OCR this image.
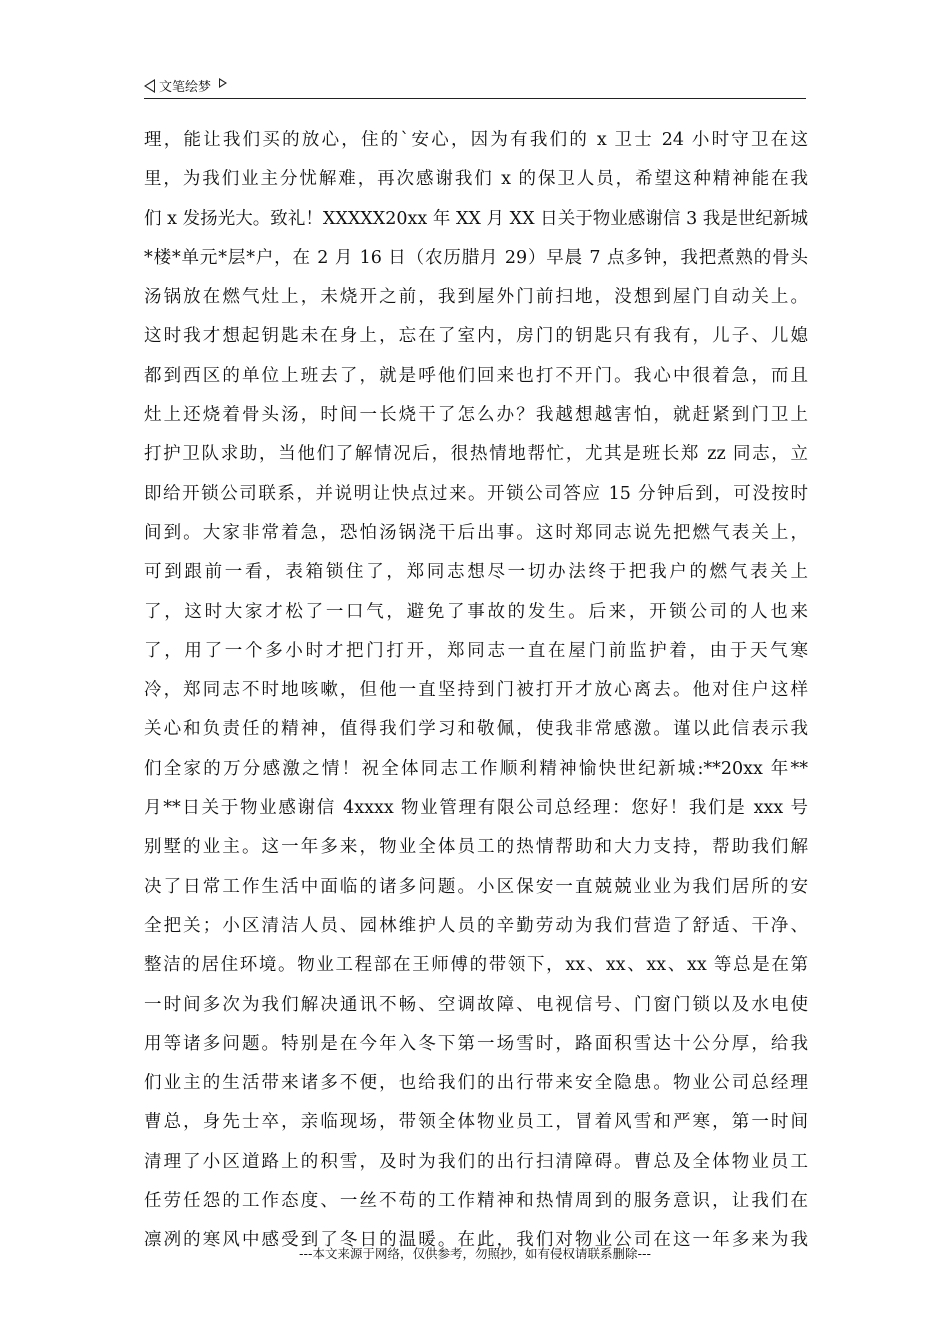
文笔绘梦
理，能让我们买的放心，住的`安心，因为有我们的 x 卫士 24 小时守卫在这
里，为我们业主分忧解难，再次感谢我们 x 的保卫人员，希望这种精神能在我
们 x 发扬光大。致礼！XXXXX20xx 年 XX 月 XX 日关于物业感谢信 3 我是世纪新城
*楼*单元*层*户，在 2 月 16 日（农历腊月 29）早晨 7 点多钟，我把煮熟的骨头
汤锅放在燃气灶上，未烧开之前，我到屋外门前扫地，没想到屋门自动关上。
这时我才想起钥匙未在身上，忘在了室内，房门的钥匙只有我有，儿子、儿媳
都到西区的单位上班去了，就是呼他们回来也打不开门。我心中很着急，而且
灶上还烧着骨头汤，时间一长烧干了怎么办？我越想越害怕，就赶紧到门卫上
打护卫队求助，当他们了解情况后，很热情地帮忙，尤其是班长郑 zz 同志，立
即给开锁公司联系，并说明让快点过来。开锁公司答应 15 分钟后到，可没按时
间到。大家非常着急，恐怕汤锅浇干后出事。这时郑同志说先把燃气表关上，
可到跟前一看，表箱锁住了，郑同志想尽一切办法终于把我户的燃气表关上
了，这时大家才松了一口气，避免了事故的发生。后来，开锁公司的人也来
了，用了一个多小时才把门打开，郑同志一直在屋门前监护着，由于天气寒
冷，郑同志不时地咳嗽，但他一直坚持到门被打开才放心离去。他对住户这样
关心和负责任的精神，值得我们学习和敬佩，使我非常感激。谨以此信表示我
们全家的万分感激之情！祝全体同志工作顺利精神愉快世纪新城:**20xx 年**
月**日关于物业感谢信 4xxxx 物业管理有限公司总经理：您好！我们是 xxx 号
别墅的业主。这一年多来，物业全体员工的热情帮助和大力支持，帮助我们解
决了日常工作生活中面临的诸多问题。小区保安一直兢兢业业为我们居所的安
全把关；小区清洁人员、园林维护人员的辛勤劳动为我们营造了舒适、干净、
整洁的居住环境。物业工程部在王师傅的带领下，xx、xx、xx、xx 等总是在第
一时间多次为我们解决通讯不畅、空调故障、电视信号、门窗门锁以及水电使
用等诸多问题。特别是在今年入冬下第一场雪时，路面积雪达十公分厚，给我
们业主的生活带来诸多不便，也给我们的出行带来安全隐患。物业公司总经理
曹总，身先士卒，亲临现场，带领全体物业员工，冒着风雪和严寒，第一时间
清理了小区道路上的积雪，及时为我们的出行扫清障碍。曹总及全体物业员工
任劳任怨的工作态度、一丝不苟的工作精神和热情周到的服务意识，让我们在
凛冽的寒风中感受到了冬日的温暖。在此，我们对物业公司在这一年多来为我
---本文来源于网络，仅供参考，勿照抄，如有侵权请联系删除---
